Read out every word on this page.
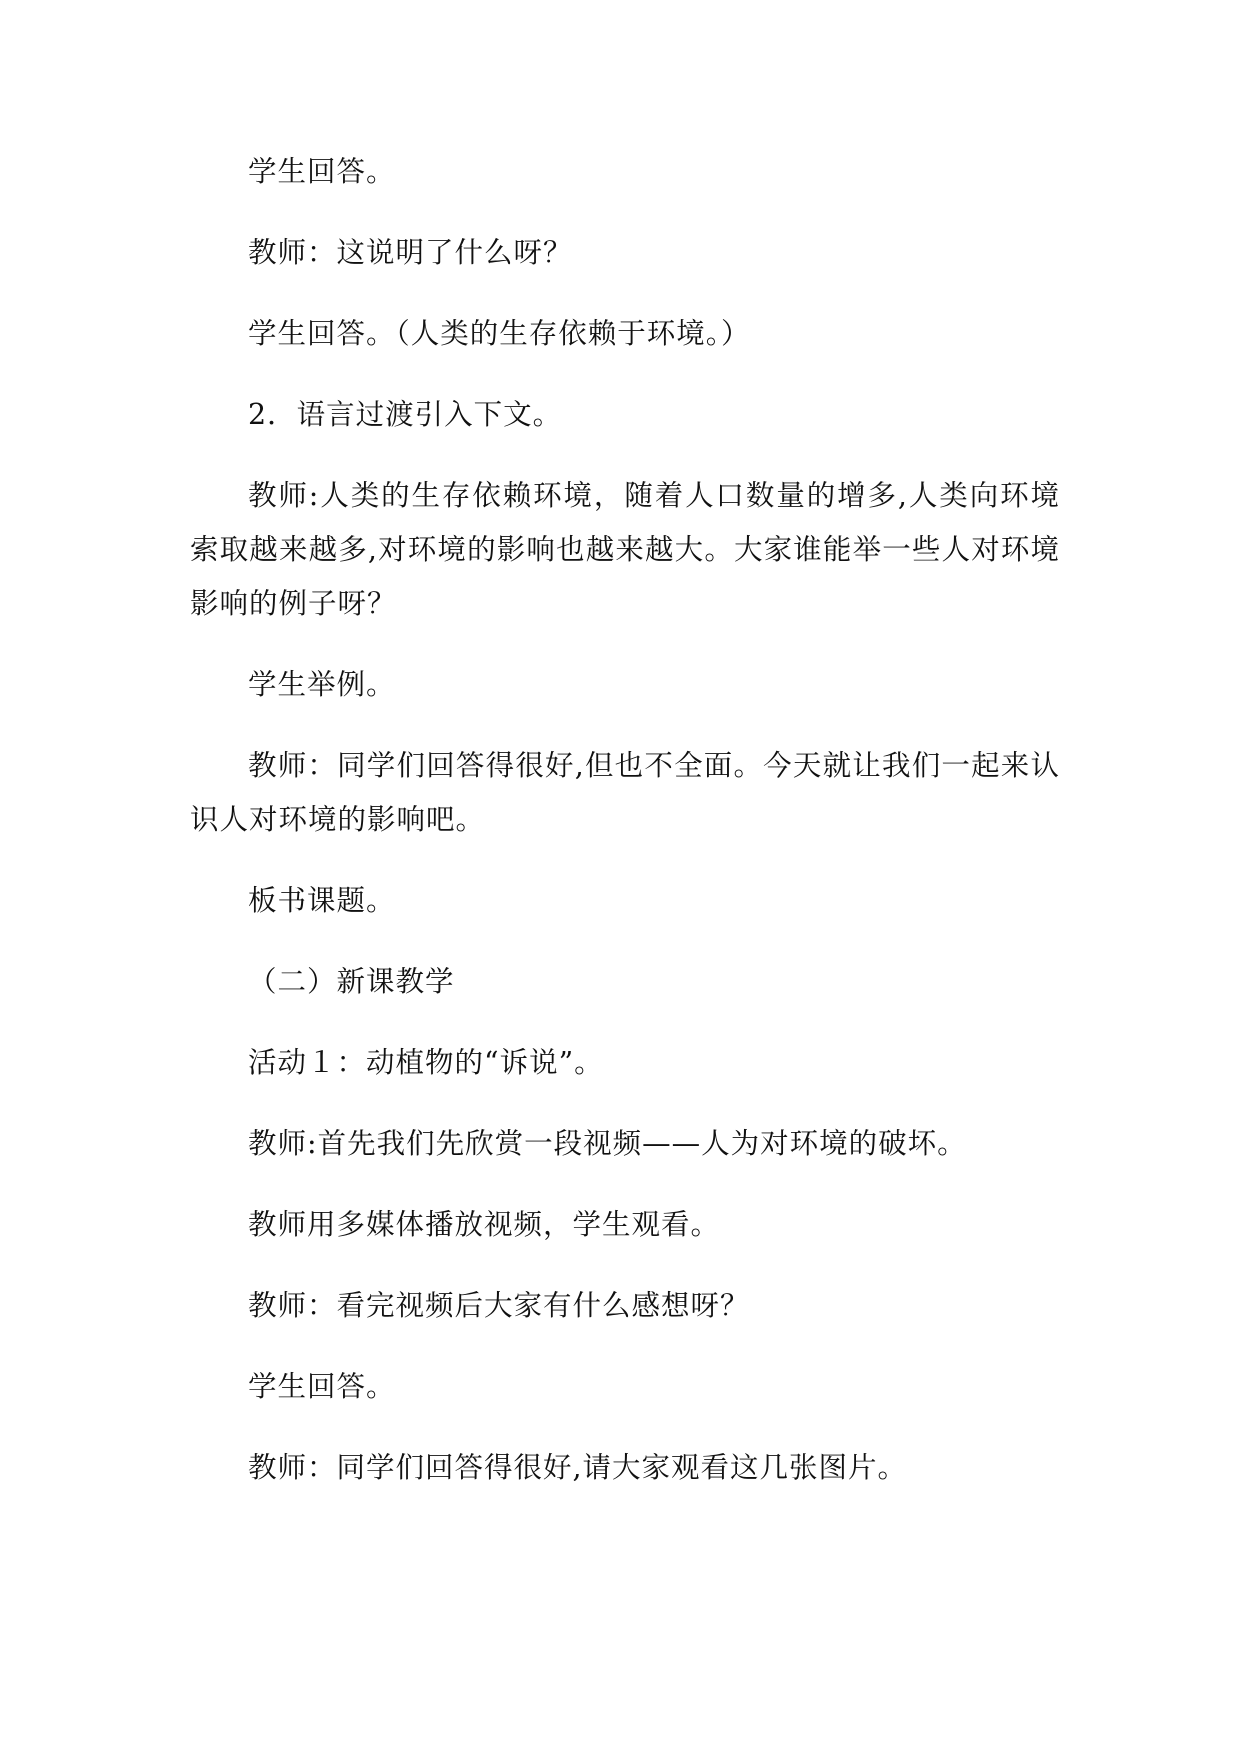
学生回答。

教师：这说明了什么呀？

学生回答。（人类的生存依赖于环境。）

2．语言过渡引入下文。

教师:人类的生存依赖环境，随着人口数量的增多,人类向环境索取越来越多,对环境的影响也越来越大。大家谁能举一些人对环境影响的例子呀？

学生举例。

教师：同学们回答得很好,但也不全面。今天就让我们一起来认识人对环境的影响吧。

板书课题。

（二）新课教学

活动１：动植物的“诉说”。

教师:首先我们先欣赏一段视频——人为对环境的破坏。

教师用多媒体播放视频，学生观看。

教师：看完视频后大家有什么感想呀？

学生回答。

教师：同学们回答得很好,请大家观看这几张图片。
